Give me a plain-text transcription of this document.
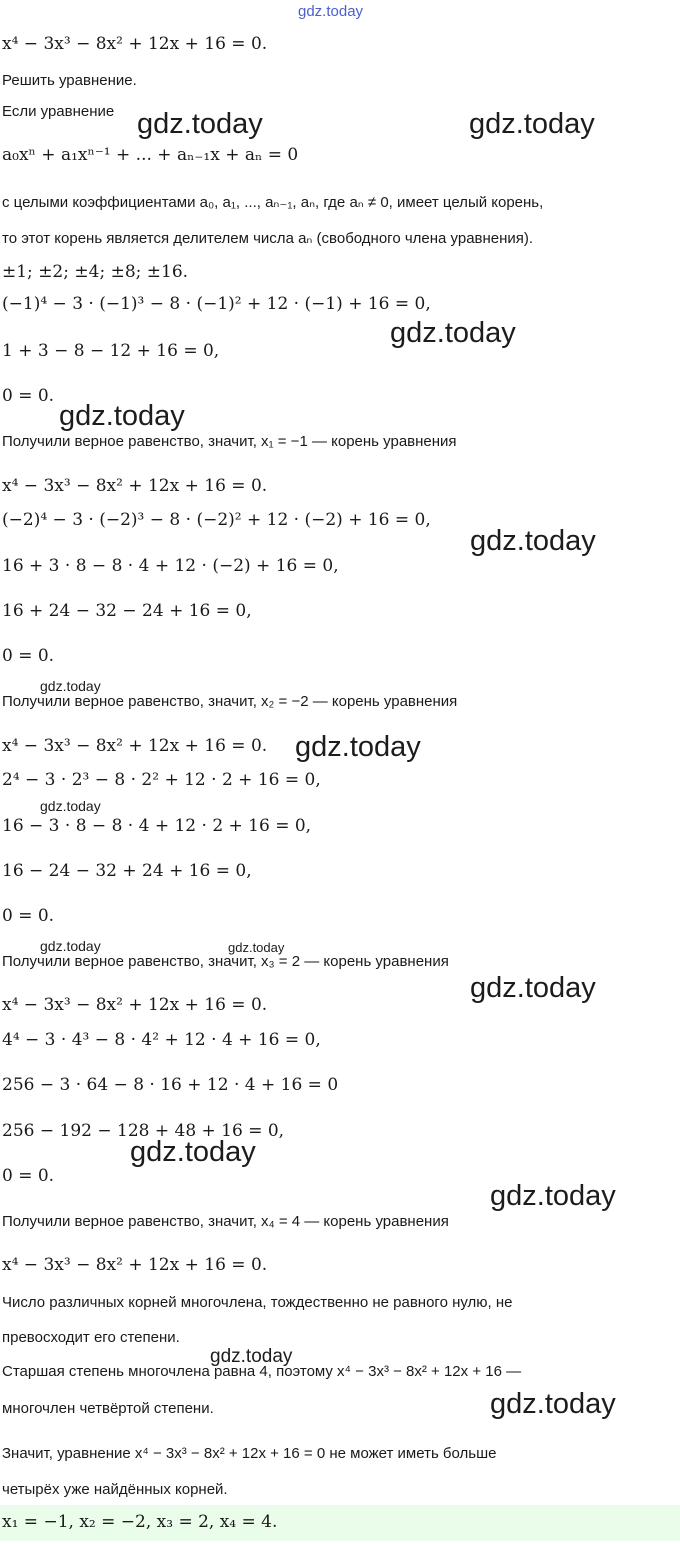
gdz.today
x⁴ − 3x³ − 8x² + 12x + 16 = 0.
Решить уравнение.
Если уравнение
a₀xⁿ + a₁xⁿ⁻¹ + ... + aₙ₋₁x + aₙ = 0
с целыми коэффициентами a₀, a₁, ..., aₙ₋₁, aₙ, где aₙ ≠ 0, имеет целый корень,
то этот корень является делителем числа aₙ (свободного члена уравнения).
±1; ±2; ±4; ±8; ±16.
(−1)⁴ − 3 · (−1)³ − 8 · (−1)² + 12 · (−1) + 16 = 0,
1 + 3 − 8 − 12 + 16 = 0,
0 = 0.
Получили верное равенство, значит, x₁ = −1 — корень уравнения
x⁴ − 3x³ − 8x² + 12x + 16 = 0.
(−2)⁴ − 3 · (−2)³ − 8 · (−2)² + 12 · (−2) + 16 = 0,
16 + 3 · 8 − 8 · 4 + 12 · (−2) + 16 = 0,
16 + 24 − 32 − 24 + 16 = 0,
0 = 0.
Получили верное равенство, значит, x₂ = −2 — корень уравнения
x⁴ − 3x³ − 8x² + 12x + 16 = 0.
2⁴ − 3 · 2³ − 8 · 2² + 12 · 2 + 16 = 0,
16 − 3 · 8 − 8 · 4 + 12 · 2 + 16 = 0,
16 − 24 − 32 + 24 + 16 = 0,
0 = 0.
Получили верное равенство, значит, x₃ = 2 — корень уравнения
x⁴ − 3x³ − 8x² + 12x + 16 = 0.
4⁴ − 3 · 4³ − 8 · 4² + 12 · 4 + 16 = 0,
256 − 3 · 64 − 8 · 16 + 12 · 4 + 16 = 0
256 − 192 − 128 + 48 + 16 = 0,
0 = 0.
Получили верное равенство, значит, x₄ = 4 — корень уравнения
x⁴ − 3x³ − 8x² + 12x + 16 = 0.
Число различных корней многочлена, тождественно не равного нулю, не
превосходит его степени.
Старшая степень многочлена равна 4, поэтому x⁴ − 3x³ − 8x² + 12x + 16 —
многочлен четвёртой степени.
Значит, уравнение x⁴ − 3x³ − 8x² + 12x + 16 = 0 не может иметь больше
четырёх уже найдённых корней.
x₁ = −1, x₂ = −2, x₃ = 2, x₄ = 4.
gdz.today	gdz.today
gdz.today
gdz.today
gdz.today
gdz.today
gdz.today
gdz.today
gdz.today	gdz.today
gdz.today
gdz.today
gdz.today
gdz.today
gdz.today
